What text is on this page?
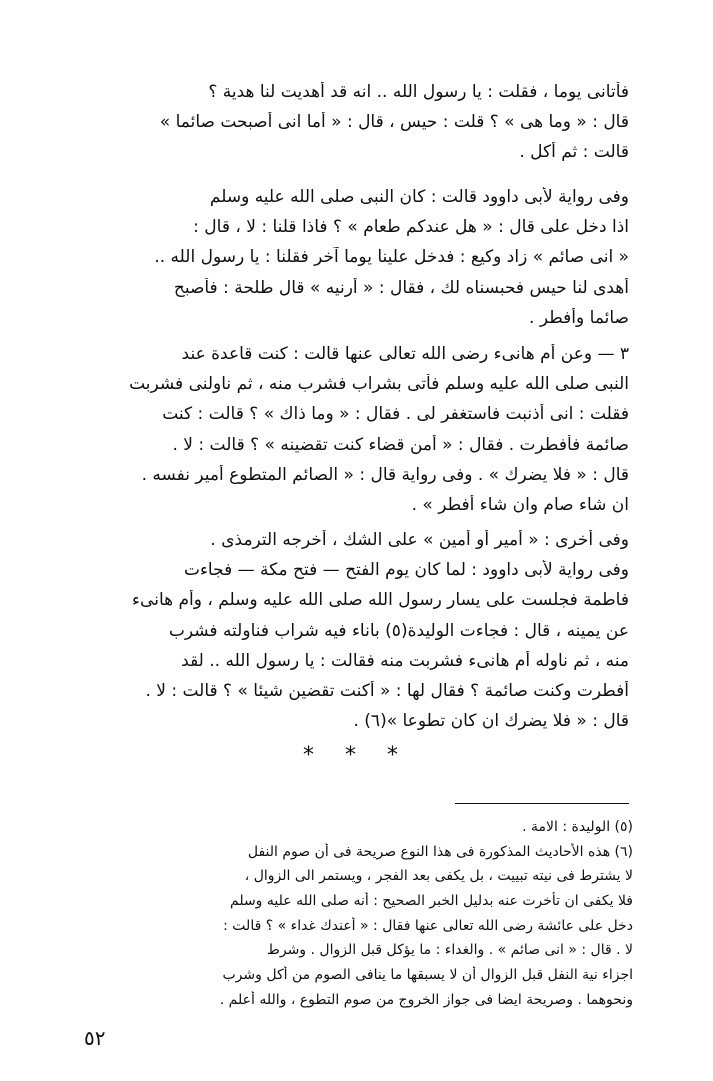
فأتانى يوما ، فقلت : يا رسول الله .. انه قد أهديت لنا هدية ؟
قال : « وما هى » ؟ قلت : حيس ، قال : « أما انى أصبحت صائما »
قالت : ثم أكل .
وفى رواية لأبى داوود قالت : كان النبى صلى الله عليه وسلم
اذا دخل على قال : « هل عندكم طعام » ؟ فاذا قلنا : لا ، قال :
« انى صائم » زاد وكيع : فدخل علينا يوما آخر فقلنا : يا رسول الله ..
أهدى لنا حيس فحبسناه لك ، فقال : « أرنيه » قال طلحة : فأصبح
صائما وأفطر .
٣ — وعن أم هانىء رضى الله تعالى عنها قالت : كنت قاعدة عند
النبى صلى الله عليه وسلم فأتى بشراب فشرب منه ، ثم ناولنى فشربت
فقلت : انى أذنبت فاستغفر لى . فقال : « وما ذاك » ؟ قالت : كنت
صائمة فأفطرت . فقال : « أمن قضاء كنت تقضينه » ؟ قالت : لا .
قال : « فلا يضرك » . وفى رواية قال : « الصائم المتطوع أمير نفسه .
ان شاء صام وان شاء أفطر » .
وفى أخرى : « أمير أو أمين » على الشك ، أخرجه الترمذى .
وفى رواية لأبى داوود : لما كان يوم الفتح — فتح مكة — فجاءت
فاطمة فجلست على يسار رسول الله صلى الله عليه وسلم ، وأم هانىء
عن يمينه ، قال : فجاءت الوليدة(٥) باناء فيه شراب فناولته فشرب
منه ، ثم ناوله أم هانىء فشربت منه فقالت : يا رسول الله .. لقد
أفطرت وكنت صائمة ؟ فقال لها : « أكنت تقضين شيئا » ؟ قالت : لا .
قال : « فلا يضرك ان كان تطوعا »(٦) .
* * *
(٥) الوليدة : الامة .
(٦) هذه الأحاديث المذكورة فى هذا النوع صريحة فى أن صوم النفل
لا يشترط فى نيته تبييت ، بل يكفى بعد الفجر ، ويستمر الى الزوال ،
فلا يكفى ان تأخرت عنه بدليل الخبر الصحيح : أنه صلى الله عليه وسلم
دخل على عائشة رضى الله تعالى عنها فقال : « أعندك غداء » ؟ قالت :
لا . قال : « انى صائم » . والغداء : ما يؤكل قبل الزوال . وشرط
اجزاء نية النفل قبل الزوال أن لا يسبقها ما ينافى الصوم من أكل وشرب
ونحوهما . وصريحة ايضا فى جواز الخروج من صوم التطوع ، والله أعلم .
٥٢
